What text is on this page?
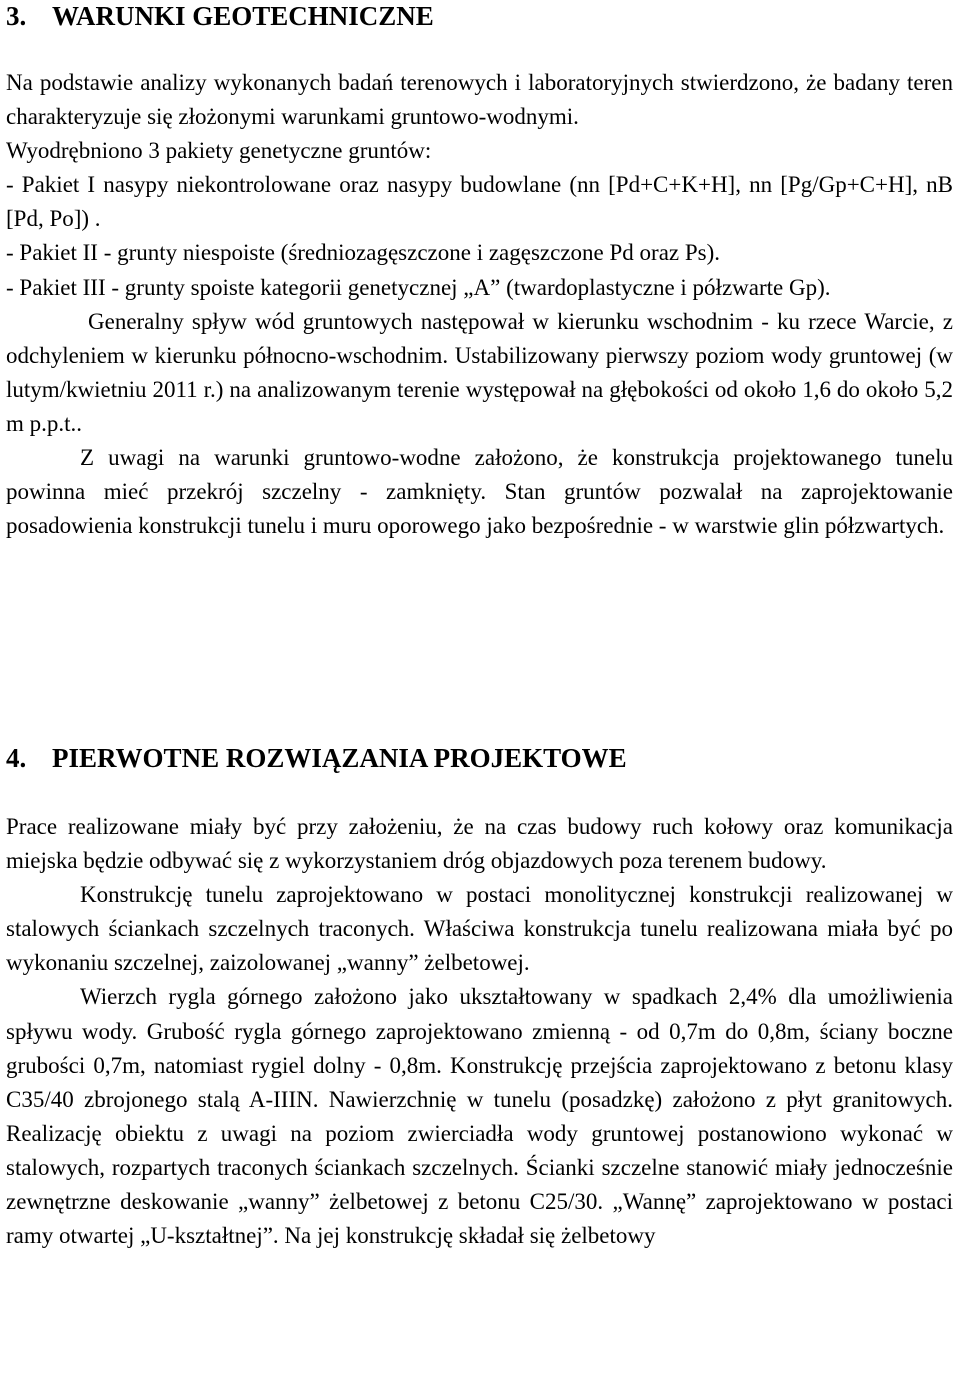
3. WARUNKI GEOTECHNICZNE

Na podstawie analizy wykonanych badań terenowych i laboratoryjnych stwierdzono, że badany teren charakteryzuje się złożonymi warunkami gruntowo-wodnymi.

Wyodrębniono 3 pakiety genetyczne gruntów:

- Pakiet I nasypy niekontrolowane oraz nasypy budowlane (nn [Pd+C+K+H], nn [Pg/Gp+C+H], nB [Pd, Po]) .

- Pakiet II - grunty niespoiste (średniozagęszczone i zagęszczone Pd oraz Ps).

- Pakiet III - grunty spoiste kategorii genetycznej „A” (twardoplastyczne i półzwarte Gp).

Generalny spływ wód gruntowych następował w kierunku wschodnim - ku rzece Warcie, z odchyleniem w kierunku północno-wschodnim. Ustabilizowany pierwszy poziom wody gruntowej (w lutym/kwietniu 2011 r.) na analizowanym terenie występował na głębokości od około 1,6 do około 5,2 m p.p.t..

Z uwagi na warunki gruntowo-wodne założono, że konstrukcja projektowanego tunelu powinna mieć przekrój szczelny - zamknięty. Stan gruntów pozwalał na zaprojektowanie posadowienia konstrukcji tunelu i muru oporowego jako bezpośrednie - w warstwie glin półzwartych.

4. PIERWOTNE ROZWIĄZANIA PROJEKTOWE

Prace realizowane miały być przy założeniu, że na czas budowy ruch kołowy oraz komunikacja miejska będzie odbywać się z wykorzystaniem dróg objazdowych poza terenem budowy.

Konstrukcję tunelu zaprojektowano w postaci monolitycznej konstrukcji realizowanej w stalowych ściankach szczelnych traconych. Właściwa konstrukcja tunelu realizowana miała być po wykonaniu szczelnej, zaizolowanej „wanny” żelbetowej.

Wierzch rygla górnego założono jako ukształtowany w spadkach 2,4% dla umożliwienia spływu wody. Grubość rygla górnego zaprojektowano zmienną - od 0,7m do 0,8m, ściany boczne grubości 0,7m, natomiast rygiel dolny - 0,8m. Konstrukcję przejścia zaprojektowano z betonu klasy C35/40 zbrojonego stalą A-IIIN. Nawierzchnię w tunelu (posadzkę) założono z płyt granitowych. Realizację obiektu z uwagi na poziom zwierciadła wody gruntowej postanowiono wykonać w stalowych, rozpartych traconych ściankach szczelnych. Ścianki szczelne stanowić miały jednocześnie zewnętrzne deskowanie „wanny” żelbetowej z betonu C25/30. „Wannę” zaprojektowano w postaci ramy otwartej „U-kształtnej”. Na jej konstrukcję składał się żelbetowy
